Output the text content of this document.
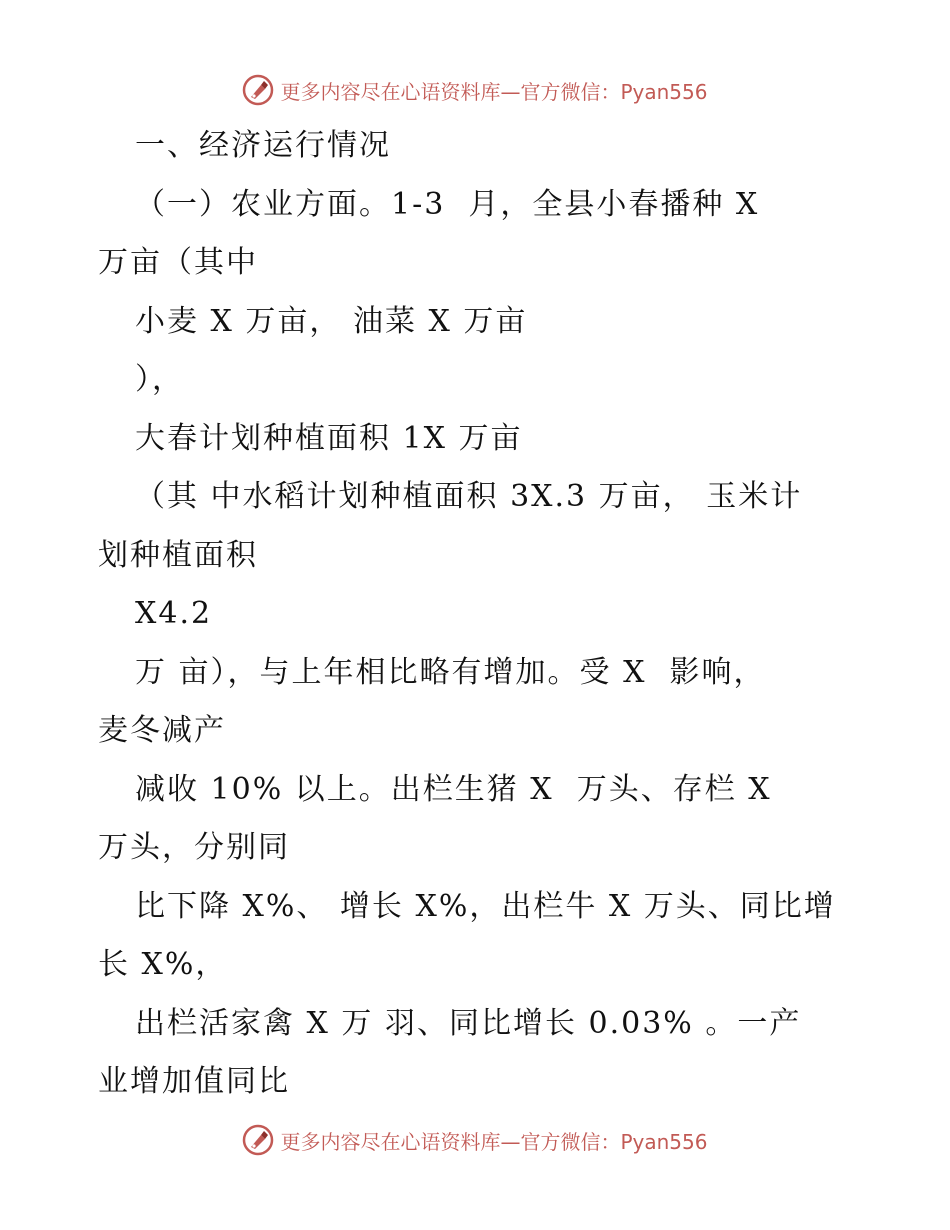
更多内容尽在心语资料库—官方微信：Pyan556
一、经济运行情况
（一）农业方面。1-3  月，全县小春播种 X
万亩（其中
小麦 X 万亩， 油菜 X 万亩
），
大春计划种植面积 1X 万亩
（其 中水稻计划种植面积 3X.3 万亩， 玉米计
划种植面积
X4.2
万 亩），与上年相比略有增加。受 X  影响，
麦冬减产
减收 10% 以上。出栏生猪 X  万头、存栏 X
万头，分别同
比下降 X%、 增长 X%，出栏牛 X 万头、同比增
长 X%，
出栏活家禽 X 万 羽、同比增长 0.03% 。一产
业增加值同比
更多内容尽在心语资料库—官方微信：Pyan556
